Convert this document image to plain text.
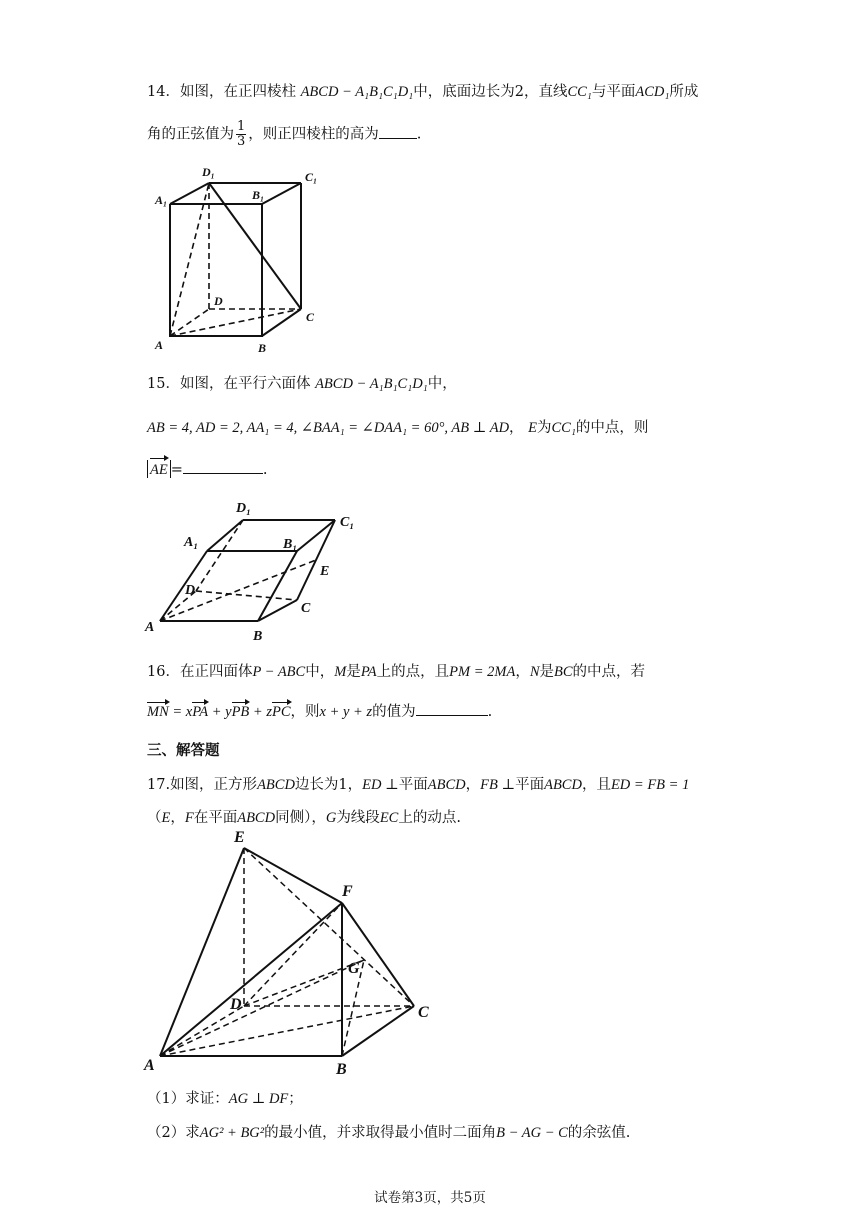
14．如图，在正四棱柱 ABCD − A₁B₁C₁D₁中，底面边长为2，直线CC₁与平面ACD₁所成
角的正弦值为 $\frac{1}{3}$ ，则正四棱柱的高为	.
D₁
A₁	B₁
C₁
D
C
A	B
15．如图，在平行六面体 ABCD − A₁B₁C₁D₁中，
AB = 4, AD = 2, AA₁ = 4, ∠BAA₁ = ∠DAA₁ = 60°, AB ⊥ AD， E为CC₁的中点，则
AE =	.
D₁
C₁
A₁	B₁
E
D
C
A
B
16．在正四面体P − ABC中，M是PA上的点，且PM = 2MA，N是BC的中点，若
MN = xPA + yPB + zPC，则x + y + z的值为	.
三、解答题
17.如图，正方形ABCD边长为1，ED ⊥平面ABCD，FB ⊥平面ABCD，且ED = FB = 1
（E，F在平面ABCD同侧），G为线段EC上的动点.
E
F
G
D	C
A	B
（1）求证：AG ⊥ DF；
（2）求AG² + BG²的最小值，并求取得最小值时二面角B − AG − C的余弦值.
试卷第3页，共5页
